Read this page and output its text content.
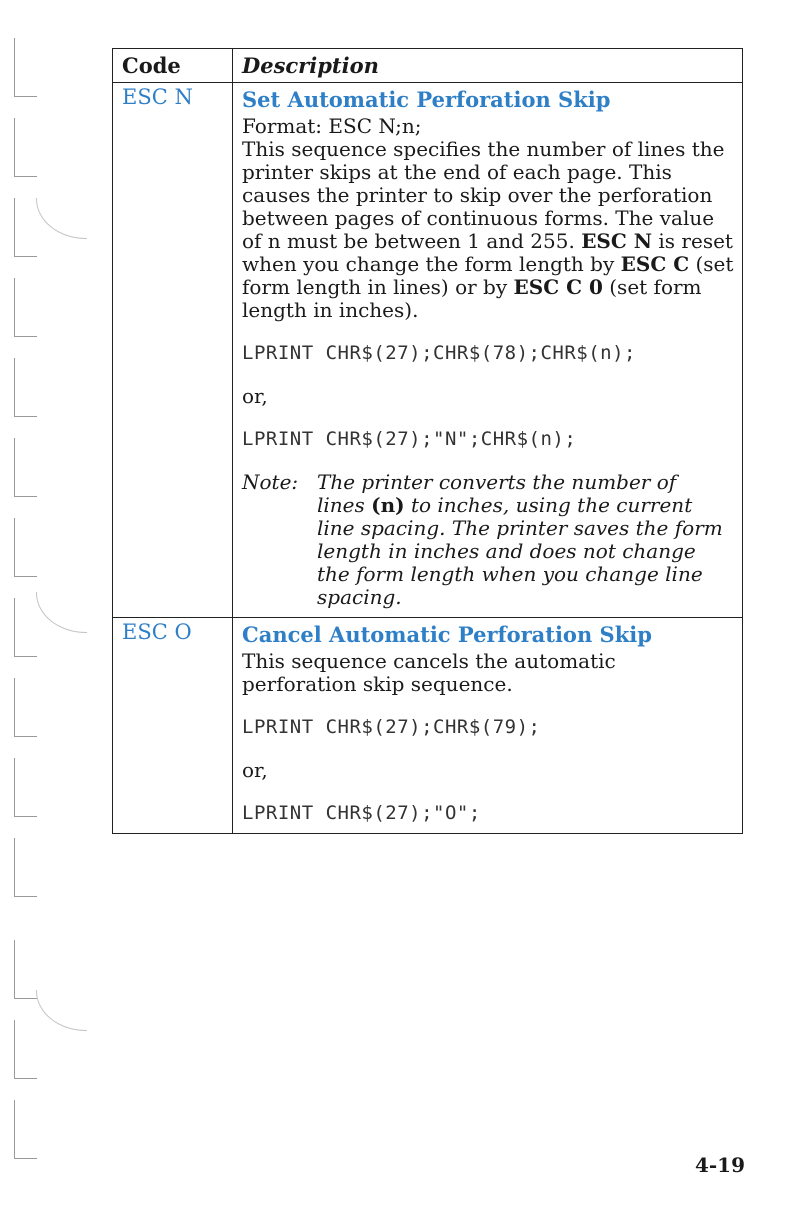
Code	Description
ESC N	Set Automatic Perforation Skip
Format: ESC N;n;
This sequence specifies the number of lines the printer skips at the end of each page. This causes the printer to skip over the perforation between pages of continuous forms. The value of n must be between 1 and 255. ESC N is reset when you change the form length by ESC C (set form length in lines) or by ESC C 0 (set form length in inches).
LPRINT CHR$(27);CHR$(78);CHR$(n);
or,
LPRINT CHR$(27);"N";CHR$(n);
Note: The printer converts the number of lines (n) to inches, using the current line spacing. The printer saves the form length in inches and does not change the form length when you change line spacing.
ESC O	Cancel Automatic Perforation Skip
This sequence cancels the automatic perforation skip sequence.
LPRINT CHR$(27);CHR$(79);
or,
LPRINT CHR$(27);"O";
4-19
